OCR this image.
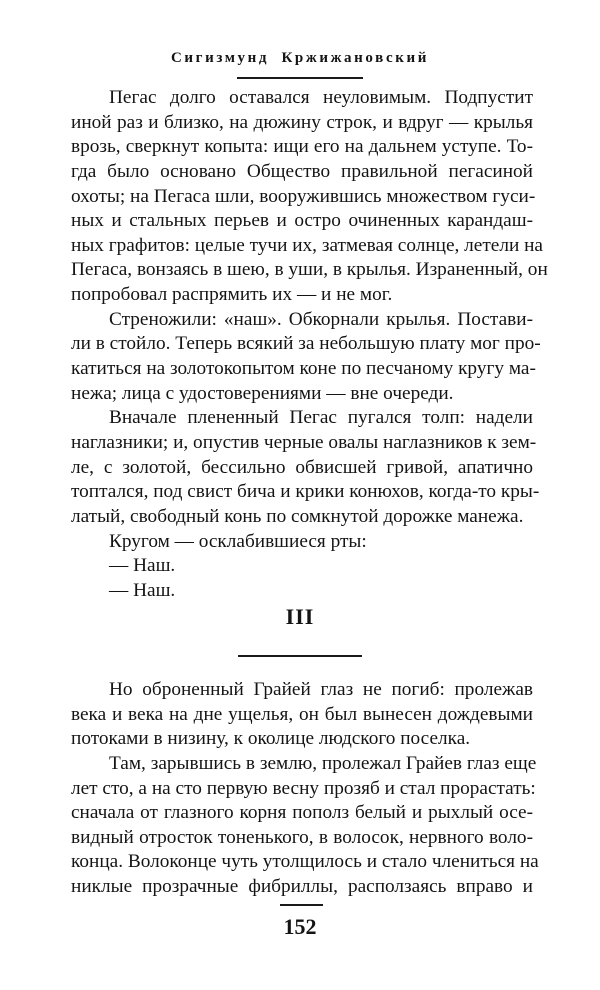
Сигизмунд Кржижановский
Пегас долго оставался неуловимым. Подпустит
иной раз и близко, на дюжину строк, и вдруг — крылья
врозь, сверкнут копыта: ищи его на дальнем уступе. То-
гда было основано Общество правильной пегасиной
охоты; на Пегаса шли, вооружившись множеством гуси-
ных и стальных перьев и остро очиненных карандаш-
ных графитов: целые тучи их, затмевая солнце, летели на
Пегаса, вонзаясь в шею, в уши, в крылья. Израненный, он
попробовал распрямить их — и не мог.
Стреножили: «наш». Обкорнали крылья. Постави-
ли в стойло. Теперь всякий за небольшую плату мог про-
катиться на золотокопытом коне по песчаному кругу ма-
нежа; лица с удостоверениями — вне очереди.
Вначале плененный Пегас пугался толп: надели
наглазники; и, опустив черные овалы наглазников к зем-
ле, с золотой, бессильно обвисшей гривой, апатично
топтался, под свист бича и крики конюхов, когда-то кры-
латый, свободный конь по сомкнутой дорожке манежа.
Кругом — осклабившиеся рты:
— Наш.
— Наш.
III
Но оброненный Грайей глаз не погиб: пролежав
века и века на дне ущелья, он был вынесен дождевыми
потоками в низину, к околице людского поселка.
Там, зарывшись в землю, пролежал Грайев глаз еще
лет сто, а на сто первую весну прозяб и стал прорастать:
сначала от глазного корня пополз белый и рыхлый осе-
видный отросток тоненького, в волосок, нервного воло-
конца. Волоконце чуть утолщилось и стало члениться на
никлые прозрачные фибриллы, расползаясь вправо и
152
